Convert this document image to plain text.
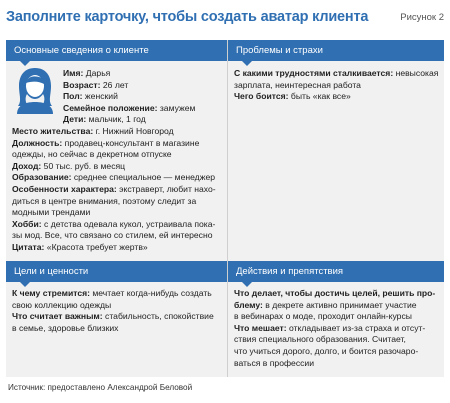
Заполните карточку, чтобы создать аватар клиента	Рисунок 2
Основные сведения о клиенте
Имя: Дарья
Возраст: 26 лет
Пол: женский
Семейное положение: замужем
Дети: мальчик, 1 год
Место жительства: г. Нижний Новгород
Должность: продавец-консультант в магазине
одежды, но сейчас в декретном отпуске
Доход: 50 тыс. руб. в месяц
Образование: среднее специальное — менеджер
Особенности характера: экстраверт, любит нахо-
диться в центре внимания, поэтому следит за
модными трендами
Хобби: с детства одевала кукол, устраивала пока-
зы мод. Все, что связано со стилем, ей интересно
Цитата: «Красота требует жертв»
Проблемы и страхи
С какими трудностями сталкивается: невысокая
зарплата, неинтересная работа
Чего боится: быть «как все»
Цели и ценности
К чему стремится: мечтает когда-нибудь создать
свою коллекцию одежды
Что считает важным: стабильность, спокойствие
в семье, здоровье близких
Действия и препятствия
Что делает, чтобы достичь целей, решить про-
блему: в декрете активно принимает участие
в вебинарах о моде, проходит онлайн-курсы
Что мешает: откладывает из-за страха и отсут-
ствия специального образования. Считает,
что учиться дорого, долго, и боится разочаро-
ваться в профессии
Источник: предоставлено Александрой Беловой
